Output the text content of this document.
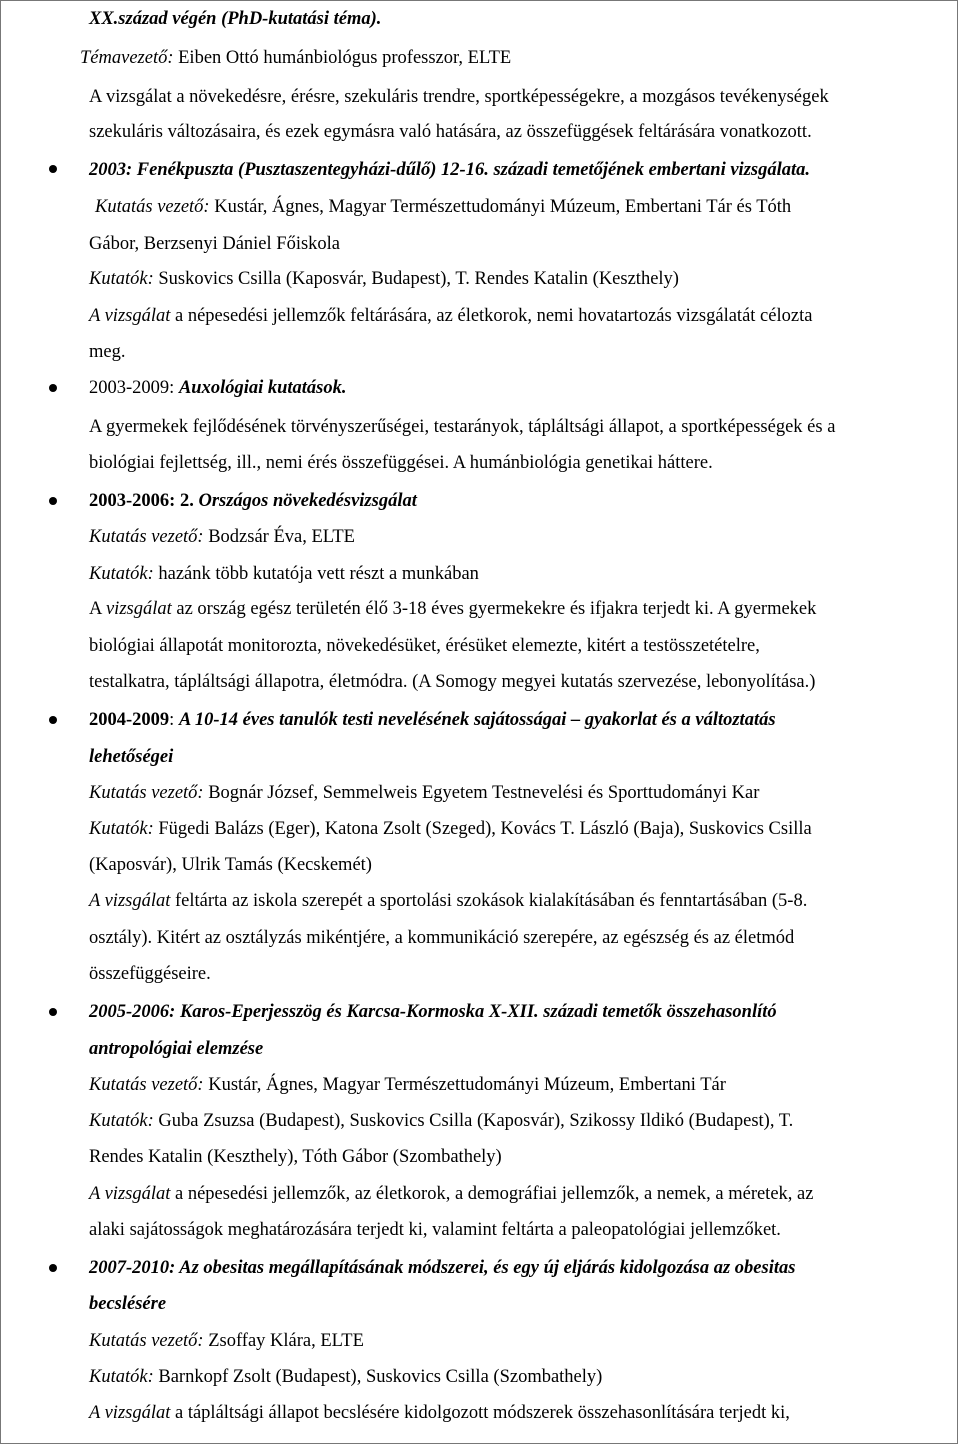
XX.század végén (PhD-kutatási téma).
Témavezető: Eiben Ottó humánbiológus professzor, ELTE
A vizsgálat a növekedésre, érésre, szekuláris trendre, sportképességekre, a mozgásos tevékenységek
szekuláris változásaira, és ezek egymásra való hatására, az összefüggések feltárására vonatkozott.
2003: Fenékpuszta (Pusztaszentegyházi-dűlő) 12-16. századi temetőjének embertani vizsgálata.
Kutatás vezető: Kustár, Ágnes, Magyar Természettudományi Múzeum, Embertani Tár és Tóth
Gábor, Berzsenyi Dániel Főiskola
Kutatók: Suskovics Csilla (Kaposvár, Budapest), T. Rendes Katalin (Keszthely)
A vizsgálat a népesedési jellemzők feltárására, az életkorok, nemi hovatartozás vizsgálatát célozta
meg.
2003-2009: Auxológiai kutatások.
A gyermekek fejlődésének törvényszerűségei, testarányok, tápláltsági állapot, a sportképességek és a
biológiai fejlettség, ill., nemi érés összefüggései. A humánbiológia genetikai háttere.
2003-2006: 2. Országos növekedésvizsgálat
Kutatás vezető: Bodzsár Éva, ELTE
Kutatók: hazánk több kutatója vett részt a munkában
A vizsgálat az ország egész területén élő 3-18 éves gyermekekre és ifjakra terjedt ki. A gyermekek
biológiai állapotát monitorozta, növekedésüket, érésüket elemezte, kitért a testösszetételre,
testalkatra, tápláltsági állapotra, életmódra. (A Somogy megyei kutatás szervezése, lebonyolítása.)
2004-2009: A 10-14 éves tanulók testi nevelésének sajátosságai – gyakorlat és a változtatás
lehetőségei
Kutatás vezető: Bognár József, Semmelweis Egyetem Testnevelési és Sporttudományi Kar
Kutatók: Fügedi Balázs (Eger), Katona Zsolt (Szeged), Kovács T. László (Baja), Suskovics Csilla
(Kaposvár), Ulrik Tamás (Kecskemét)
A vizsgálat feltárta az iskola szerepét a sportolási szokások kialakításában és fenntartásában (5-8.
osztály). Kitért az osztályzás mikéntjére, a kommunikáció szerepére, az egészség és az életmód
összefüggéseire.
2005-2006: Karos-Eperjesszög és Karcsa-Kormoska X-XII. századi temetők összehasonlító
antropológiai elemzése
Kutatás vezető: Kustár, Ágnes, Magyar Természettudományi Múzeum, Embertani Tár
Kutatók: Guba Zsuzsa (Budapest), Suskovics Csilla (Kaposvár), Szikossy Ildikó (Budapest), T.
Rendes Katalin (Keszthely), Tóth Gábor (Szombathely)
A vizsgálat a népesedési jellemzők, az életkorok, a demográfiai jellemzők, a nemek, a méretek, az
alaki sajátosságok meghatározására terjedt ki, valamint feltárta a paleopatológiai jellemzőket.
2007-2010: Az obesitas megállapításának módszerei, és egy új eljárás kidolgozása az obesitas
becslésére
Kutatás vezető: Zsoffay Klára, ELTE
Kutatók: Barnkopf Zsolt (Budapest), Suskovics Csilla (Szombathely)
A vizsgálat a tápláltsági állapot becslésére kidolgozott módszerek összehasonlítására terjedt ki,
